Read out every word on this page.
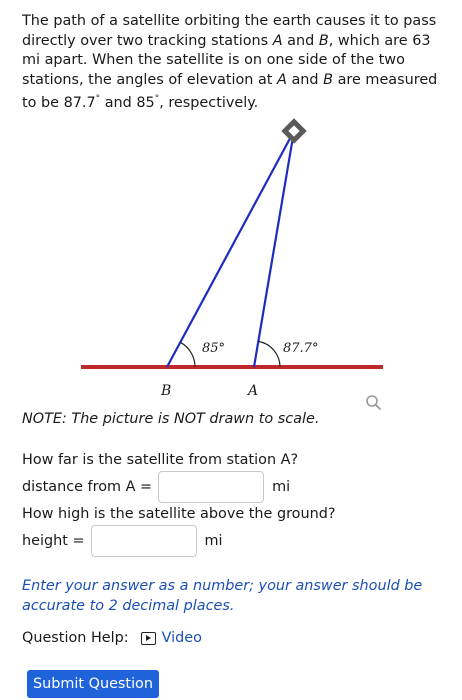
The path of a satellite orbiting the earth causes it to pass directly over two tracking stations A and B, which are 63 mi apart. When the satellite is on one side of the two stations, the angles of elevation at A and B are measured to be 87.7° and 85°, respectively.
85°	87.7°
B	A
NOTE: The picture is NOT drawn to scale.
How far is the satellite from station A?
distance from A =	mi
How high is the satellite above the ground?
height =	mi
Enter your answer as a number; your answer should be accurate to 2 decimal places.
Question Help: Video
Submit Question
